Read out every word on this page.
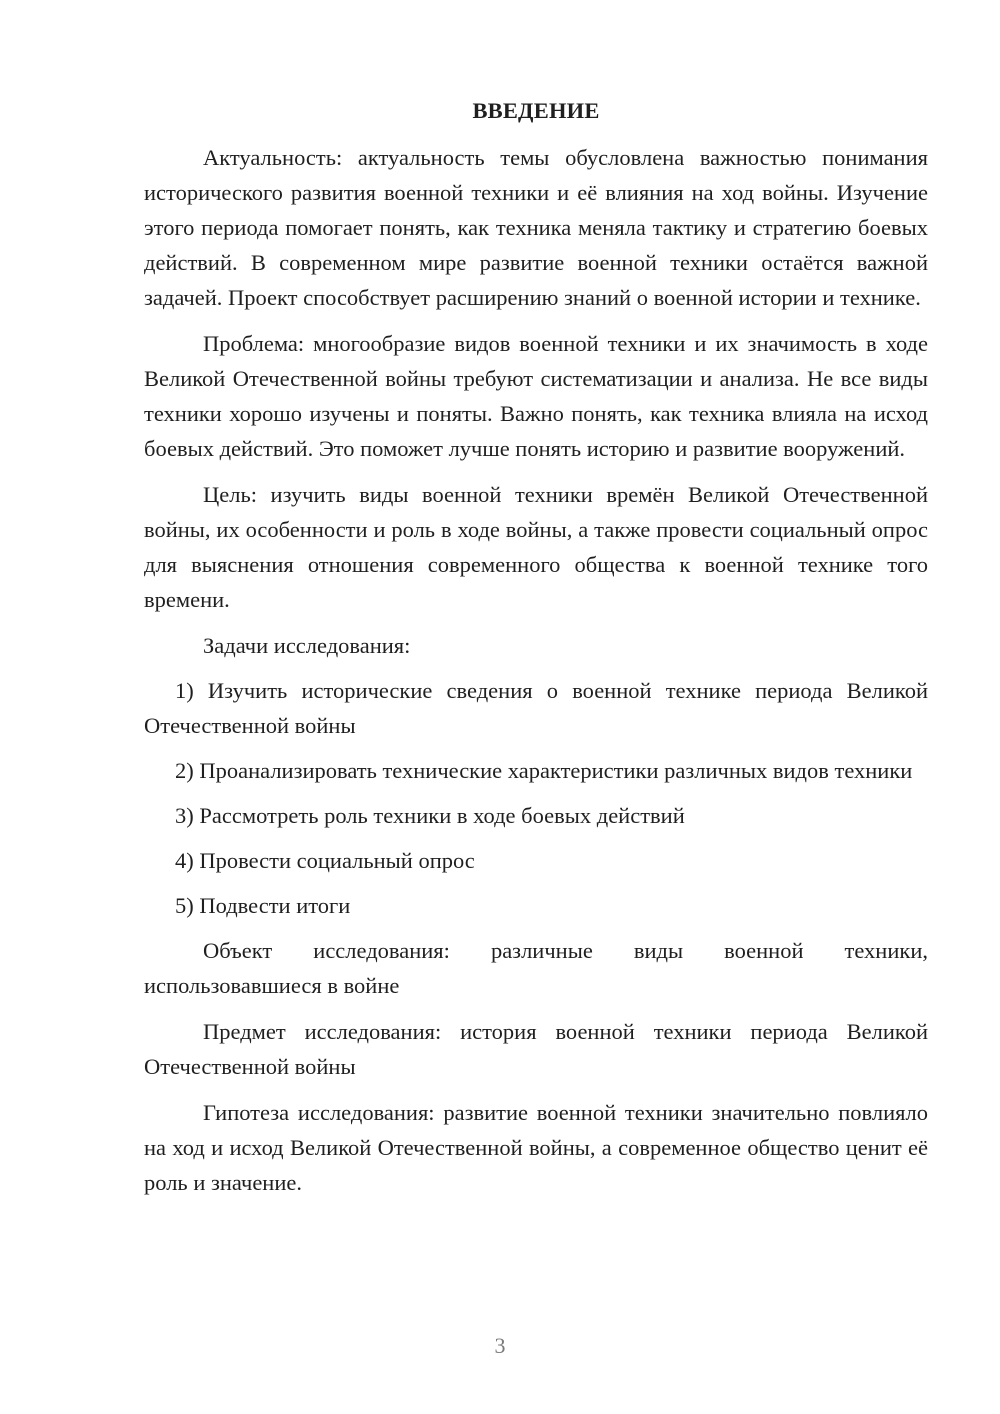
ВВЕДЕНИЕ

Актуальность: актуальность темы обусловлена важностью понимания исторического развития военной техники и её влияния на ход войны. Изучение этого периода помогает понять, как техника меняла тактику и стратегию боевых действий. В современном мире развитие военной техники остаётся важной задачей. Проект способствует расширению знаний о военной истории и технике.

Проблема: многообразие видов военной техники и их значимость в ходе Великой Отечественной войны требуют систематизации и анализа. Не все виды техники хорошо изучены и поняты. Важно понять, как техника влияла на исход боевых действий. Это поможет лучше понять историю и развитие вооружений.

Цель: изучить виды военной техники времён Великой Отечественной войны, их особенности и роль в ходе войны, а также провести социальный опрос для выяснения отношения современного общества к военной технике того времени.

Задачи исследования:

1) Изучить исторические сведения о военной технике периода Великой Отечественной войны

2) Проанализировать технические характеристики различных видов техники

3) Рассмотреть роль техники в ходе боевых действий

4) Провести социальный опрос

5) Подвести итоги

Объект исследования: различные виды военной техники, использовавшиеся в войне

Предмет исследования: история военной техники периода Великой Отечественной войны

Гипотеза исследования: развитие военной техники значительно повлияло на ход и исход Великой Отечественной войны, а современное общество ценит её роль и значение.

3
